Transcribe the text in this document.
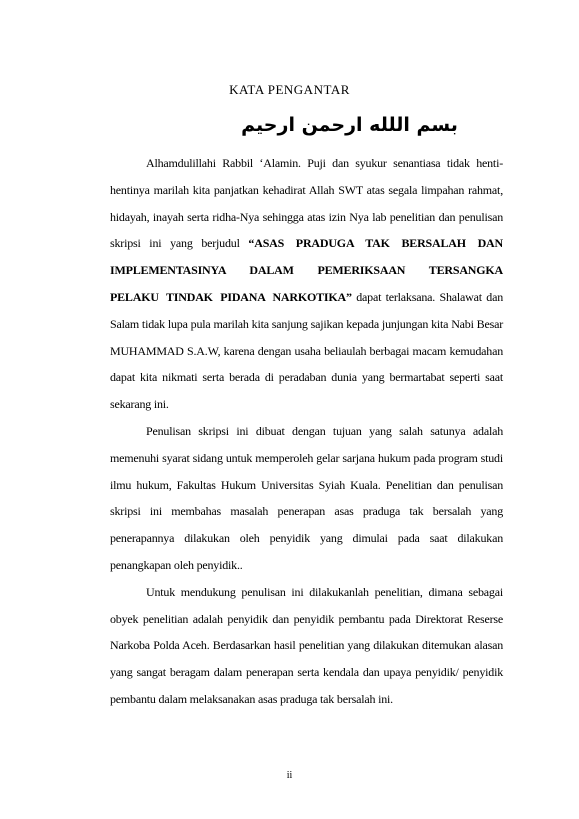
KATA PENGANTAR
بسم اللله ارحمن ارحيم

Alhamdulillahi Rabbil ‘Alamin. Puji dan syukur senantiasa tidak henti-hentinya marilah kita panjatkan kehadirat Allah SWT atas segala limpahan rahmat, hidayah, inayah serta ridha-Nya sehingga atas izin Nya lab penelitian dan penulisan skripsi ini yang berjudul “ASAS PRADUGA TAK BERSALAH DAN IMPLEMENTASINYA DALAM PEMERIKSAAN TERSANGKA PELAKU TINDAK PIDANA NARKOTIKA” dapat terlaksana. Shalawat dan Salam tidak lupa pula marilah kita sanjung sajikan kepada junjungan kita Nabi Besar MUHAMMAD S.A.W, karena dengan usaha beliaulah berbagai macam kemudahan dapat kita nikmati serta berada di peradaban dunia yang bermartabat seperti saat sekarang ini.

Penulisan skripsi ini dibuat dengan tujuan yang salah satunya adalah memenuhi syarat sidang untuk memperoleh gelar sarjana hukum pada program studi ilmu hukum, Fakultas Hukum Universitas Syiah Kuala. Penelitian dan penulisan skripsi ini membahas masalah penerapan asas praduga tak bersalah yang penerapannya dilakukan oleh penyidik yang dimulai pada saat dilakukan penangkapan oleh penyidik..

Untuk mendukung penulisan ini dilakukanlah penelitian, dimana sebagai obyek penelitian adalah penyidik dan penyidik pembantu pada Direktorat Reserse Narkoba Polda Aceh. Berdasarkan hasil penelitian yang dilakukan ditemukan alasan yang sangat beragam dalam penerapan serta kendala dan upaya penyidik/ penyidik pembantu dalam melaksanakan asas praduga tak bersalah ini.

ii
